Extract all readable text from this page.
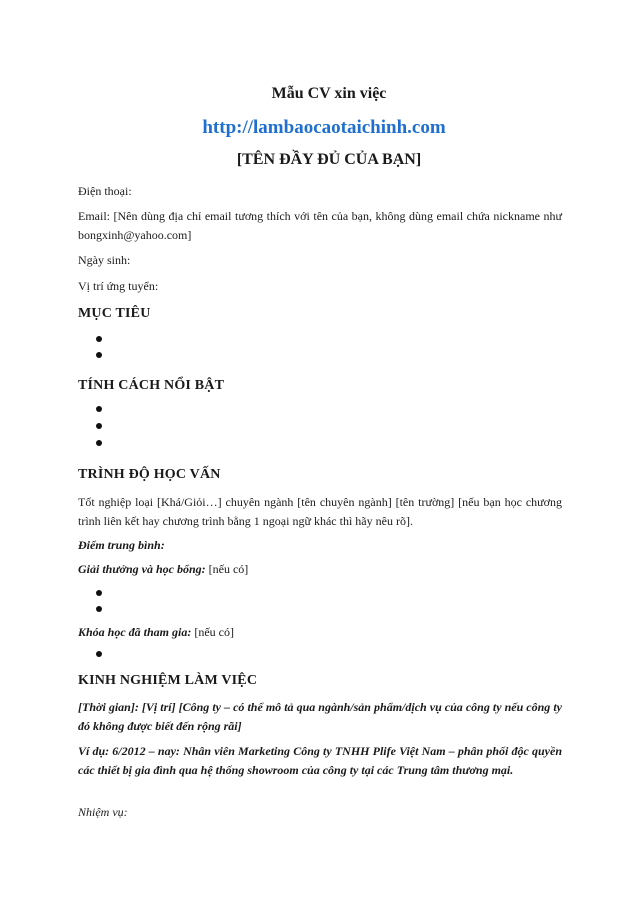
Mẫu CV xin việc
http://lambaocaotaichinh.com
[TÊN ĐẦY ĐỦ CỦA BẠN]
Điện thoại:
Email: [Nên dùng địa chỉ email tương thích với tên của bạn, không dùng email chứa nickname như bongxinh@yahoo.com]
Ngày sinh:
Vị trí ứng tuyển:
MỤC TIÊU
TÍNH CÁCH NỔI BẬT
TRÌNH ĐỘ HỌC VẤN
Tốt nghiệp loại [Khá/Giỏi…] chuyên ngành [tên chuyên ngành] [tên trường] [nếu bạn học chương trình liên kết hay chương trình bằng 1 ngoại ngữ khác thì hãy nêu rõ].
Điểm trung bình:
Giải thưởng và học bổng: [nếu có]
Khóa học đã tham gia: [nếu có]
KINH NGHIỆM LÀM VIỆC
[Thời gian]: [Vị trí] [Công ty – có thể mô tả qua ngành/sản phẩm/dịch vụ của công ty nếu công ty đó không được biết đến rộng rãi]
Ví dụ: 6/2012 – nay: Nhân viên Marketing Công ty TNHH Plife Việt Nam – phân phối độc quyền các thiết bị gia đình qua hệ thống showroom của công ty tại các Trung tâm thương mại.
Nhiệm vụ:
